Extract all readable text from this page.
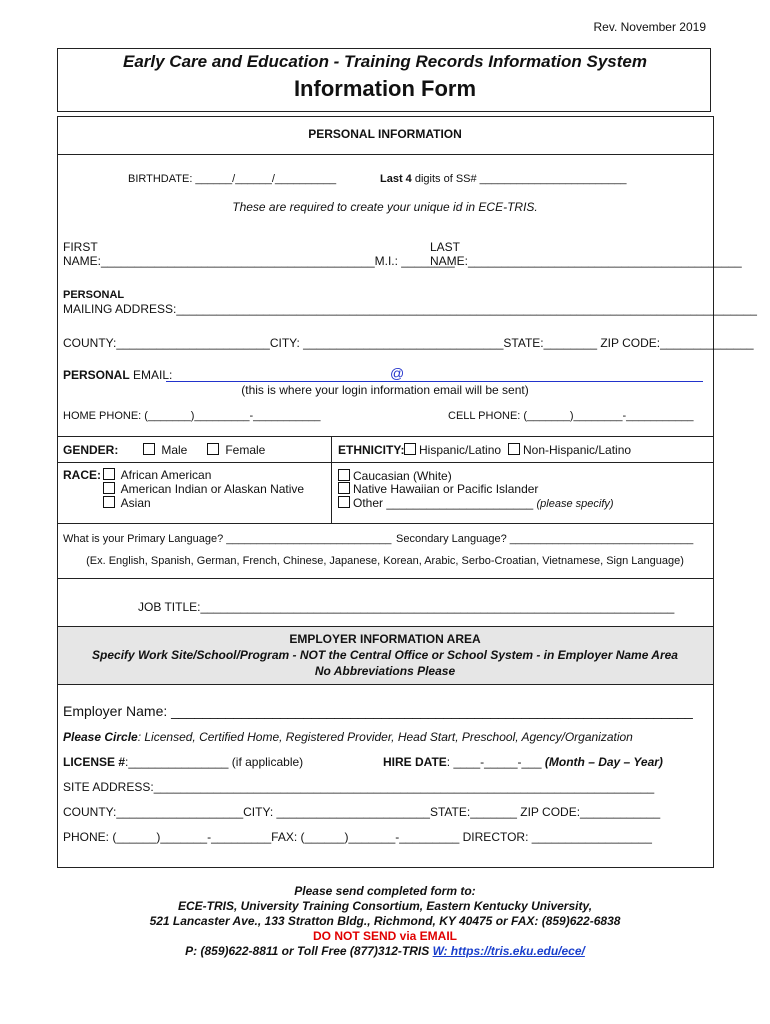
Rev. November 2019
Early Care and Education - Training Records Information System
Information Form
PERSONAL INFORMATION
BIRTHDATE: ______/______/__________	Last 4 digits of SS# ________________________
These are required to create your unique id in ECE-TRIS.
FIRST
NAME:_________________________________________M.I.: ________
LAST
NAME:_________________________________________
PERSONAL
MAILING ADDRESS:_______________________________________________________________________________________
COUNTY:_______________________CITY: ______________________________STATE:________ ZIP CODE:______________
PERSONAL EMAIL:	@
(this is where your login information email will be sent)
HOME PHONE: (_______)_________-___________	CELL PHONE: (_______)________-___________
GENDER:	Male	Female	ETHNICITY:	Hispanic/Latino	Non-Hispanic/Latino
RACE:	African American
American Indian or Alaskan Native
Asian
Caucasian (White)
Native Hawaiian or Pacific Islander
Other ______________________ (please specify)
What is your Primary Language? ___________________________ Secondary Language? ______________________________
(Ex. English, Spanish, German, French, Chinese, Japanese, Korean, Arabic, Serbo-Croatian, Vietnamese, Sign Language)
JOB TITLE:_______________________________________________________________________
EMPLOYER INFORMATION AREA
Specify Work Site/School/Program - NOT the Central Office or School System - in Employer Name Area
No Abbreviations Please
Employer Name: ___________________________________________________________________
Please Circle: Licensed, Certified Home, Registered Provider, Head Start, Preschool, Agency/Organization
LICENSE #:_______________ (if applicable)	HIRE DATE: ____-_____-___ (Month – Day – Year)
SITE ADDRESS:___________________________________________________________________________
COUNTY:___________________CITY: _______________________STATE:_______ ZIP CODE:____________
PHONE: (______)_______-_________FAX: (______)_______-_________ DIRECTOR: __________________
Please send completed form to:
ECE-TRIS, University Training Consortium, Eastern Kentucky University,
521 Lancaster Ave., 133 Stratton Bldg., Richmond, KY 40475 or FAX: (859)622-6838
DO NOT SEND via EMAIL
P: (859)622-8811 or Toll Free (877)312-TRIS W: https://tris.eku.edu/ece/
